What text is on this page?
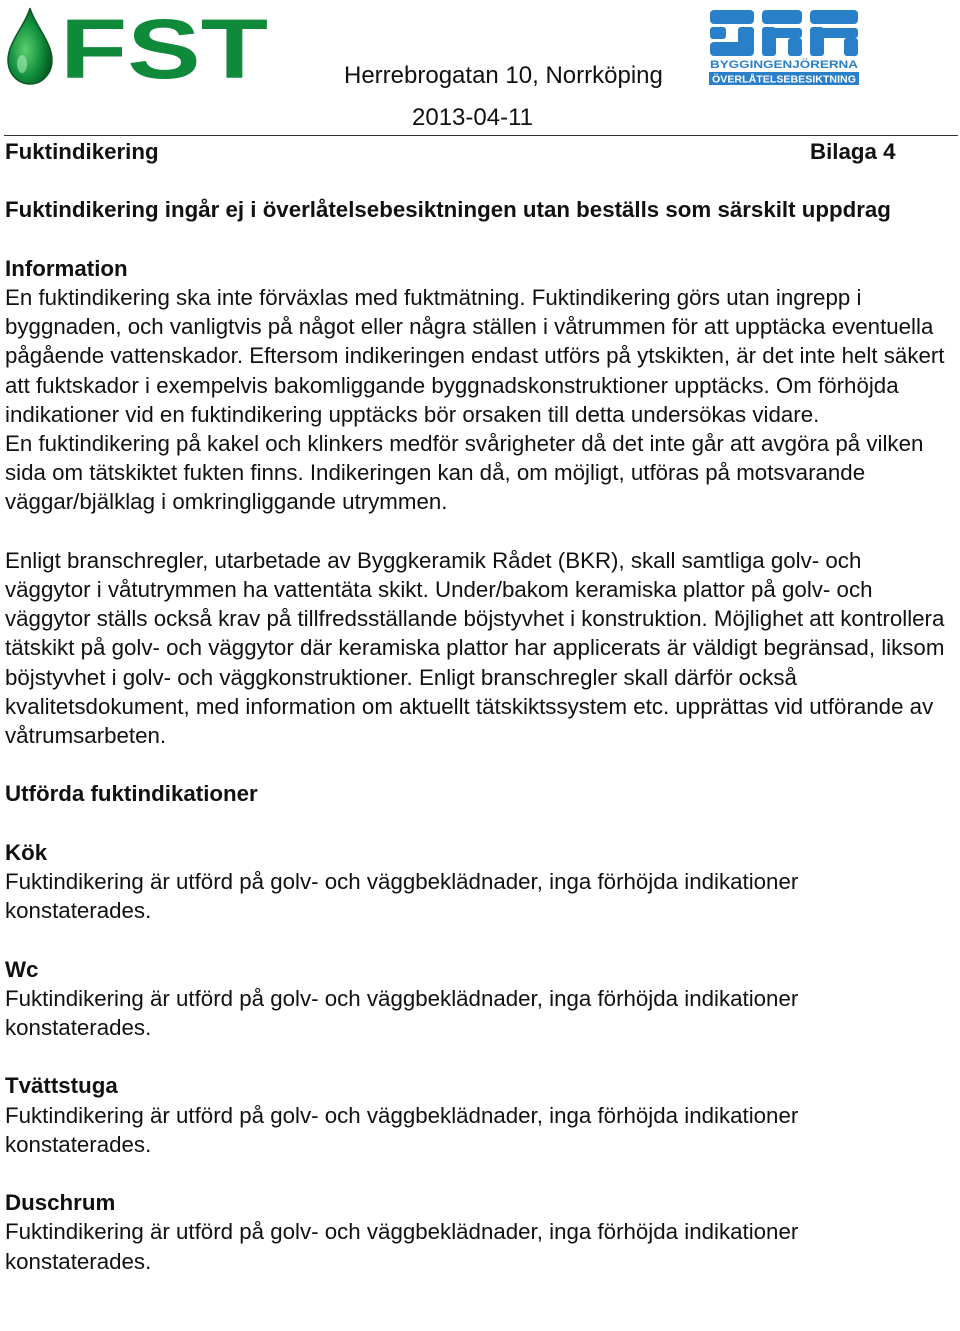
FST	BYGGINGENJÖRERNA
ÖVERLÅTELSEBESIKTNING
Herrebrogatan 10, Norrköping
2013-04-11
Fuktindikering	Bilaga 4

Fuktindikering ingår ej i överlåtelsebesiktningen utan beställs som särskilt uppdrag

Information

En fuktindikering ska inte förväxlas med fuktmätning. Fuktindikering görs utan ingrepp i byggnaden, och vanligtvis på något eller några ställen i våtrummen för att upptäcka eventuella pågående vattenskador. Eftersom indikeringen endast utförs på ytskikten, är det inte helt säkert att fuktskador i exempelvis bakomliggande byggnadskonstruktioner upptäcks. Om förhöjda indikationer vid en fuktindikering upptäcks bör orsaken till detta undersökas vidare.

En fuktindikering på kakel och klinkers medför svårigheter då det inte går att avgöra på vilken sida om tätskiktet fukten finns. Indikeringen kan då, om möjligt, utföras på motsvarande väggar/bjälklag i omkringliggande utrymmen.

Enligt branschregler, utarbetade av Byggkeramik Rådet (BKR), skall samtliga golv- och väggytor i våtutrymmen ha vattentäta skikt. Under/bakom keramiska plattor på golv- och väggytor ställs också krav på tillfredsställande böjstyvhet i konstruktion. Möjlighet att kontrollera tätskikt på golv- och väggytor där keramiska plattor har applicerats är väldigt begränsad, liksom böjstyvhet i golv- och väggkonstruktioner. Enligt branschregler skall därför också kvalitetsdokument, med information om aktuellt tätskiktssystem etc. upprättas vid utförande av våtrumsarbeten.

Utförda fuktindikationer

Kök

Fuktindikering är utförd på golv- och väggbeklädnader, inga förhöjda indikationer konstaterades.

Wc

Fuktindikering är utförd på golv- och väggbeklädnader, inga förhöjda indikationer konstaterades.

Tvättstuga

Fuktindikering är utförd på golv- och väggbeklädnader, inga förhöjda indikationer konstaterades.

Duschrum

Fuktindikering är utförd på golv- och väggbeklädnader, inga förhöjda indikationer konstaterades.
